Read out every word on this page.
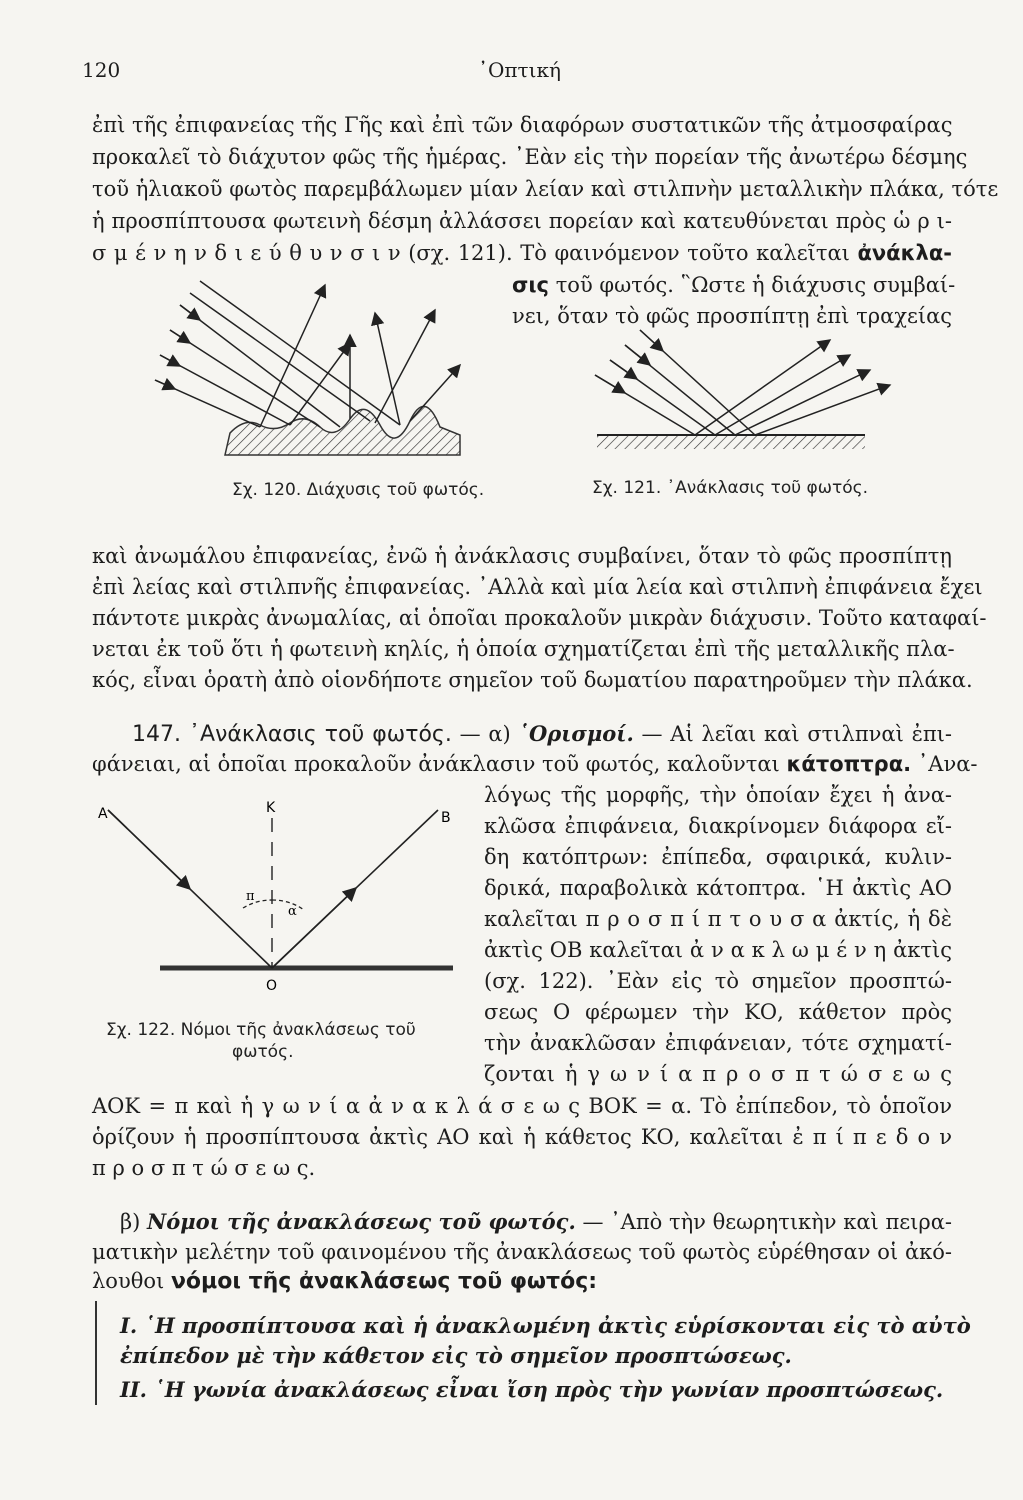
120	᾿Οπτική
ἐπὶ τῆς ἐπιφανείας τῆς Γῆς καὶ ἐπὶ τῶν διαφόρων συστατικῶν τῆς ἀτμοσφαίρας
προκαλεῖ τὸ διάχυτον φῶς τῆς ἡμέρας. ᾿Εὰν εἰς τὴν πορείαν τῆς ἀνωτέρω δέσμης
τοῦ ἡλιακοῦ φωτὸς παρεμβάλωμεν μίαν λείαν καὶ στιλπνὴν μεταλλικὴν πλάκα, τότε
ἡ προσπίπτουσα φωτεινὴ δέσμη ἀλλάσσει πορείαν καὶ κατευθύνεται πρὸς ὡ ρ ι-
σ μ έ ν η ν δ ι ε ύ θ υ ν σ ι ν (σχ. 121). Τὸ φαινόμενον τοῦτο καλεῖται ἀνάκλα-
σις τοῦ φωτός. ῝Ωστε ἡ διάχυσις συμβαί-
νει, ὅταν τὸ φῶς προσπίπτῃ ἐπὶ τραχείας
Σχ. 120. Διάχυσις τοῦ φωτός.	Σχ. 121. ᾿Ανάκλασις τοῦ φωτός.
καὶ ἀνωμάλου ἐπιφανείας, ἐνῶ ἡ ἀνάκλασις συμβαίνει, ὅταν τὸ φῶς προσπίπτῃ
ἐπὶ λείας καὶ στιλπνῆς ἐπιφανείας. ᾿Αλλὰ καὶ μία λεία καὶ στιλπνὴ ἐπιφάνεια ἔχει
πάντοτε μικρὰς ἀνωμαλίας, αἱ ὁποῖαι προκαλοῦν μικρὰν διάχυσιν. Τοῦτο καταφαί-
νεται ἐκ τοῦ ὅτι ἡ φωτεινὴ κηλίς, ἡ ὁποία σχηματίζεται ἐπὶ τῆς μεταλλικῆς πλα-
κός, εἶναι ὁρατὴ ἀπὸ οἱονδήποτε σημεῖον τοῦ δωματίου παρατηροῦμεν τὴν πλάκα.
147. ᾿Ανάκλασις τοῦ φωτός. — α) ῾Ορισμοί. — Αἱ λεῖαι καὶ στιλπναὶ ἐπι-
φάνειαι, αἱ ὁποῖαι προκαλοῦν ἀνάκλασιν τοῦ φωτός, καλοῦνται κάτοπτρα. ᾿Ανα-
λόγως τῆς μορφῆς, τὴν ὁποίαν ἔχει ἡ ἀνα-
κλῶσα ἐπιφάνεια, διακρίνομεν διάφορα εἴ-
δη κατόπτρων: ἐπίπεδα, σφαιρικά, κυλιν-
δρικά, παραβολικὰ κάτοπτρα. ῾Η ἀκτὶς ΑΟ
καλεῖται π ρ ο σ π ί π τ ο υ σ α ἀκτίς, ἡ δὲ
ἀκτὶς ΟΒ καλεῖται ἀ ν α κ λ ω μ έ ν η ἀκτὶς
(σχ. 122). ᾿Εὰν εἰς τὸ σημεῖον προσπτώ-
σεως Ο φέρωμεν τὴν ΚΟ, κάθετον πρὸς
τὴν ἀνακλῶσαν ἐπιφάνειαν, τότε σχηματί-
ζονται ἡ γ ω ν ί α π ρ ο σ π τ ώ σ ε ω ς
Α	Β
Κ
Ο
π
α
Σχ. 122. Νόμοι τῆς ἀνακλάσεως τοῦ
φωτός.
ΑΟΚ = π καὶ ἡ γ ω ν ί α ἀ ν α κ λ ά σ ε ω ς ΒΟΚ = α. Τὸ ἐπίπεδον, τὸ ὁποῖον
ὁρίζουν ἡ προσπίπτουσα ἀκτὶς ΑΟ καὶ ἡ κάθετος ΚΟ, καλεῖται ἐ π ί π ε δ ο ν
π ρ ο σ π τ ώ σ ε ω ς.
β) Νόμοι τῆς ἀνακλάσεως τοῦ φωτός. — ᾿Απὸ τὴν θεωρητικὴν καὶ πειρα-
ματικὴν μελέτην τοῦ φαινομένου τῆς ἀνακλάσεως τοῦ φωτὸς εὑρέθησαν οἱ ἀκό-
λουθοι νόμοι τῆς ἀνακλάσεως τοῦ φωτός:
I. ῾Η προσπίπτουσα καὶ ἡ ἀνακλωμένη ἀκτὶς εὑρίσκονται εἰς τὸ αὐτὸ
ἐπίπεδον μὲ τὴν κάθετον εἰς τὸ σημεῖον προσπτώσεως.
II. ῾Η γωνία ἀνακλάσεως εἶναι ἴση πρὸς τὴν γωνίαν προσπτώσεως.
